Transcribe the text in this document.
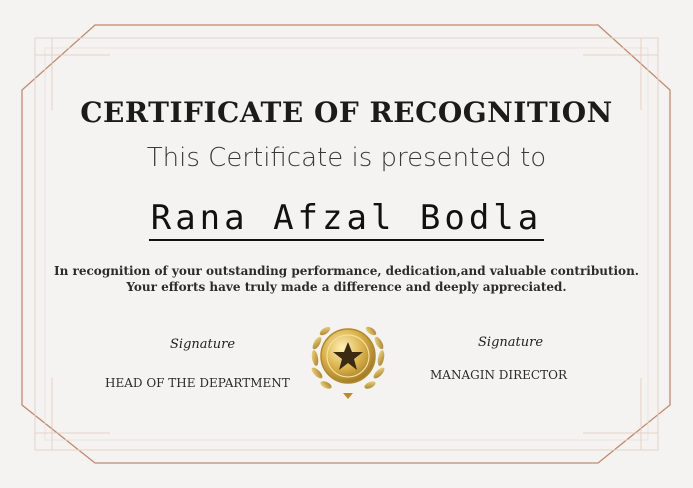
CERTIFICATE OF RECOGNITION
This Certificate is presented to
Rana Afzal Bodla
In recognition of your outstanding performance, dedication,and valuable contribution.
Your efforts have truly made a difference and deeply appreciated.
Signature
HEAD OF THE DEPARTMENT
Signature
MANAGIN DIRECTOR
